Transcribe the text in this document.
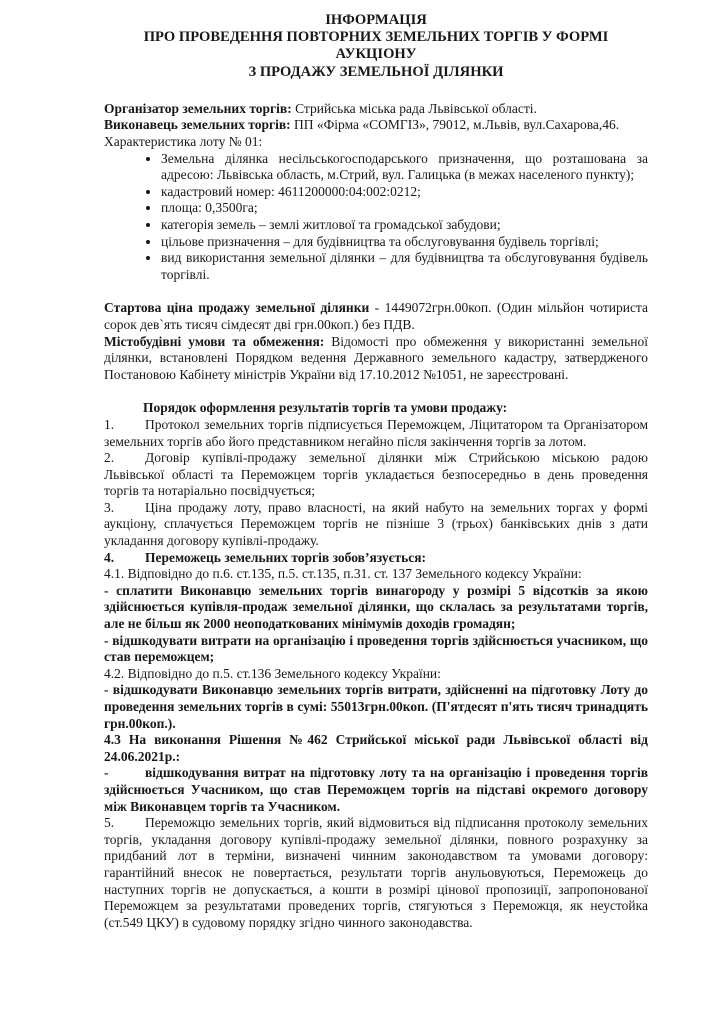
ІНФОРМАЦІЯ
ПРО ПРОВЕДЕННЯ ПОВТОРНИХ ЗЕМЕЛЬНИХ ТОРГІВ У ФОРМІ АУКЦІОНУ
З ПРОДАЖУ ЗЕМЕЛЬНОЇ ДІЛЯНКИ

Організатор земельних торгів: Стрийська міська рада Львівської області.

Виконавець земельних торгів: ПП «Фірма «СОМГІЗ», 79012, м.Львів, вул.Сахарова,46.

Характеристика лоту № 01:

• Земельна ділянка несільськогосподарського призначення, що розташована за адресою: Львівська область, м.Стрий, вул. Галицька (в межах населеного пункту);
• кадастровий номер: 4611200000:04:002:0212;
• площа: 0,3500га;
• категорія земель – землі житлової та громадської забудови;
• цільове призначення – для будівництва та обслуговування будівель торгівлі;
• вид використання земельної ділянки – для будівництва та обслуговування будівель торгівлі.

Стартова ціна продажу земельної ділянки - 1449072грн.00коп. (Один мільйон чотириста сорок дев`ять тисяч сімдесят дві грн.00коп.) без ПДВ.

Містобудівні умови та обмеження: Відомості про обмеження у використанні земельної ділянки, встановлені Порядком ведення Державного земельного кадастру, затвердженого Постановою Кабінету міністрів України від 17.10.2012 №1051, не зареєстровані.

Порядок оформлення результатів торгів та умови продажу:

1. Протокол земельних торгів підписується Переможцем, Ліцитатором та Організатором земельних торгів або його представником негайно після закінчення торгів за лотом.

2. Договір купівлі-продажу земельної ділянки між Стрийською міською радою Львівської області та Переможцем торгів укладається безпосередньо в день проведення торгів та нотаріально посвідчується;

3. Ціна продажу лоту, право власності, на який набуто на земельних торгах у формі аукціону, сплачується Переможцем торгів не пізніше 3 (трьох) банківських днів з дати укладання договору купівлі-продажу.

4. Переможець земельних торгів зобов’язується:

4.1. Відповідно до п.6. ст.135, п.5. ст.135, п.31. ст. 137 Земельного кодексу України:

- сплатити Виконавцю земельних торгів винагороду у розмірі 5 відсотків за якою здійснюється купівля-продаж земельної ділянки, що склалась за результатами торгів, але не більш як 2000 неоподаткованих мінімумів доходів громадян;

- відшкодувати витрати на організацію і проведення торгів здійснюється учасником, що став переможцем;

4.2. Відповідно до п.5. ст.136 Земельного кодексу України:

- відшкодувати Виконавцю земельних торгів витрати, здійсненні на підготовку Лоту до проведення земельних торгів в сумі: 55013грн.00коп. (П'ятдесят п'ять тисяч тринадцять грн.00коп.).

4.3 На виконання Рішення №462 Стрийської міської ради Львівської області від 24.06.2021р.:

-	відшкодування витрат на підготовку лоту та на організацію і проведення торгів здійснюється Учасником, що став Переможцем торгів на підставі окремого договору між Виконавцем торгів та Учасником.

5. Переможцю земельних торгів, який відмовиться від підписання протоколу земельних торгів, укладання договору купівлі-продажу земельної ділянки, повного розрахунку за придбаний лот в терміни, визначені чинним законодавством та умовами договору: гарантійний внесок не повертається, результати торгів анульовуються, Переможець до наступних торгів не допускається, а кошти в розмірі цінової пропозиції, запропонованої Переможцем за результатами проведених торгів, стягуються з Переможця, як неустойка (ст.549 ЦКУ) в судовому порядку згідно чинного законодавства.
